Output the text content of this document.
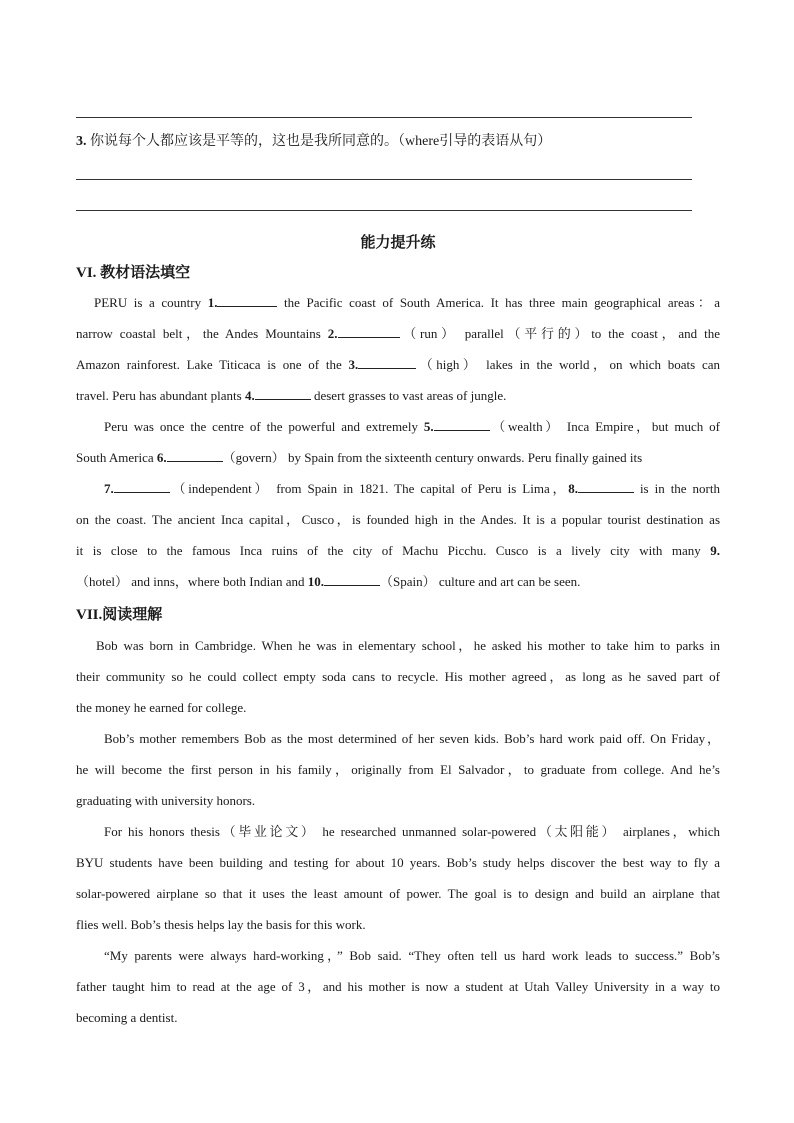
3. 你说每个人都应该是平等的，这也是我所同意的。（where引导的表语从句）
能力提升练
VI. 教材语法填空
PERU is a country 1.	the Pacific coast of South America. It has three main geographical areas：a
narrow coastal belt，the Andes Mountains 2.	（run） parallel（平行的）to the coast，and the
Amazon rainforest. Lake Titicaca is one of the 3.	（high） lakes in the world，on which boats can
travel. Peru has abundant plants 4.	desert grasses to vast areas of jungle.
Peru was once the centre of the powerful and extremely 5.	（wealth） Inca Empire，but much of
South America 6.	（govern） by Spain from the sixteenth century onwards. Peru finally gained its
7.	（independent） from Spain in 1821. The capital of Peru is Lima，8.	is in the north
on the coast. The ancient Inca capital，Cusco，is founded high in the Andes. It is a popular tourist destination as
it is close to the famous Inca ruins of the city of Machu Picchu. Cusco is a lively city with many 9.
（hotel） and inns，where both Indian and 10.	（Spain） culture and art can be seen.
VII.阅读理解
Bob was born in Cambridge. When he was in elementary school，he asked his mother to take him to parks in
their community so he could collect empty soda cans to recycle. His mother agreed，as long as he saved part of
the money he earned for college.
Bob’s mother remembers Bob as the most determined of her seven kids. Bob’s hard work paid off. On Friday，
he will become the first person in his family，originally from El Salvador，to graduate from college. And he’s
graduating with university honors.
For his honors thesis（毕业论文） he researched unmanned solar-powered（太阳能） airplanes，which
BYU students have been building and testing for about 10 years. Bob’s study helps discover the best way to fly a
solar-powered airplane so that it uses the least amount of power. The goal is to design and build an airplane that
flies well. Bob’s thesis helps lay the basis for this work.
“My parents were always hard-working，” Bob said. “They often tell us hard work leads to success.” Bob’s
father taught him to read at the age of 3，and his mother is now a student at Utah Valley University in a way to
becoming a dentist.
